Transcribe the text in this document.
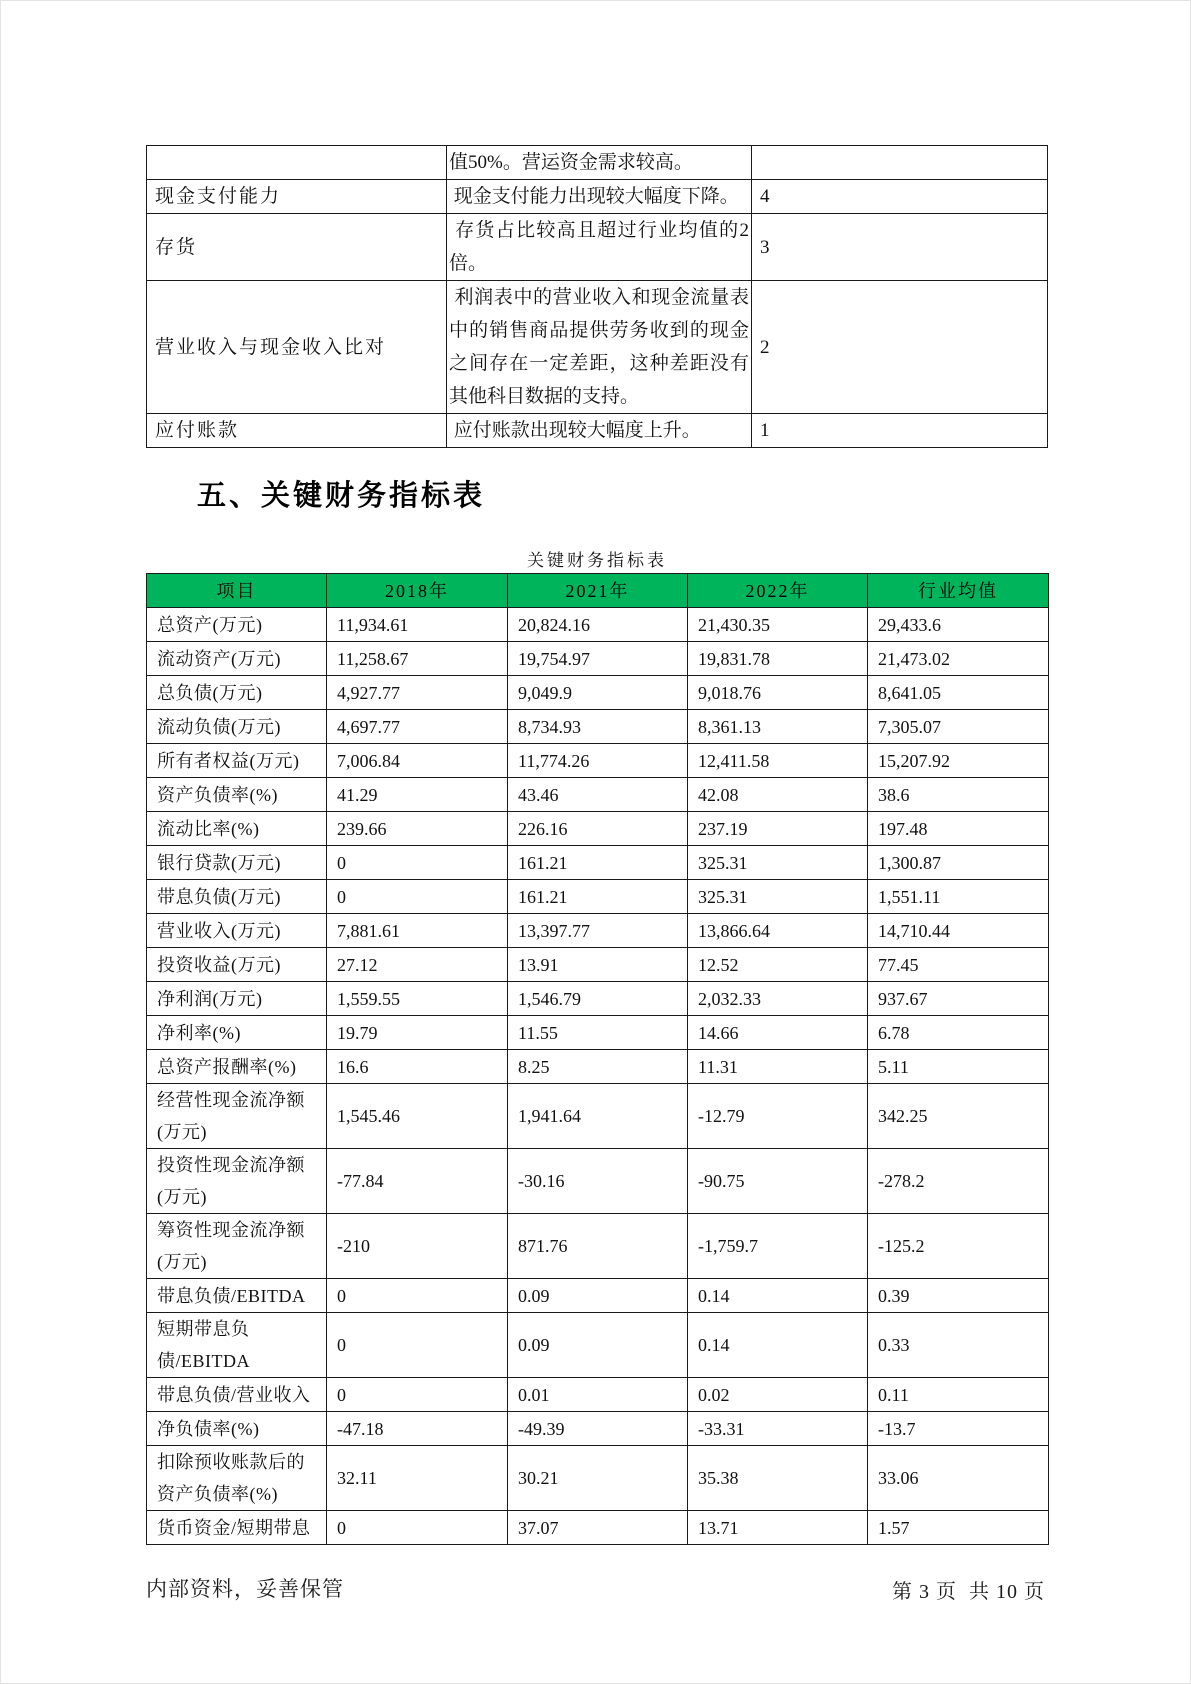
	值50%。营运资金需求较高。	
现金支付能力	现金支付能力出现较大幅度下降。	4
存货	存货占比较高且超过行业均值的2倍。	3
营业收入与现金收入比对	利润表中的营业收入和现金流量表中的销售商品提供劳务收到的现金之间存在一定差距，这种差距没有其他科目数据的支持。	2
应付账款	应付账款出现较大幅度上升。	1
五、关键财务指标表
关键财务指标表
项目	2018年	2021年	2022年	行业均值
总资产(万元)	11,934.61	20,824.16	21,430.35	29,433.6
流动资产(万元)	11,258.67	19,754.97	19,831.78	21,473.02
总负债(万元)	4,927.77	9,049.9	9,018.76	8,641.05
流动负债(万元)	4,697.77	8,734.93	8,361.13	7,305.07
所有者权益(万元)	7,006.84	11,774.26	12,411.58	15,207.92
资产负债率(%)	41.29	43.46	42.08	38.6
流动比率(%)	239.66	226.16	237.19	197.48
银行贷款(万元)	0	161.21	325.31	1,300.87
带息负债(万元)	0	161.21	325.31	1,551.11
营业收入(万元)	7,881.61	13,397.77	13,866.64	14,710.44
投资收益(万元)	27.12	13.91	12.52	77.45
净利润(万元)	1,559.55	1,546.79	2,032.33	937.67
净利率(%)	19.79	11.55	14.66	6.78
总资产报酬率(%)	16.6	8.25	11.31	5.11
经营性现金流净额(万元)	1,545.46	1,941.64	-12.79	342.25
投资性现金流净额(万元)	-77.84	-30.16	-90.75	-278.2
筹资性现金流净额(万元)	-210	871.76	-1,759.7	-125.2
带息负债/EBITDA	0	0.09	0.14	0.39
短期带息负债/EBITDA	0	0.09	0.14	0.33
带息负债/营业收入	0	0.01	0.02	0.11
净负债率(%)	-47.18	-49.39	-33.31	-13.7
扣除预收账款后的资产负债率(%)	32.11	30.21	35.38	33.06
货币资金/短期带息	0	37.07	13.71	1.57
内部资料，妥善保管	第 3 页  共 10 页
